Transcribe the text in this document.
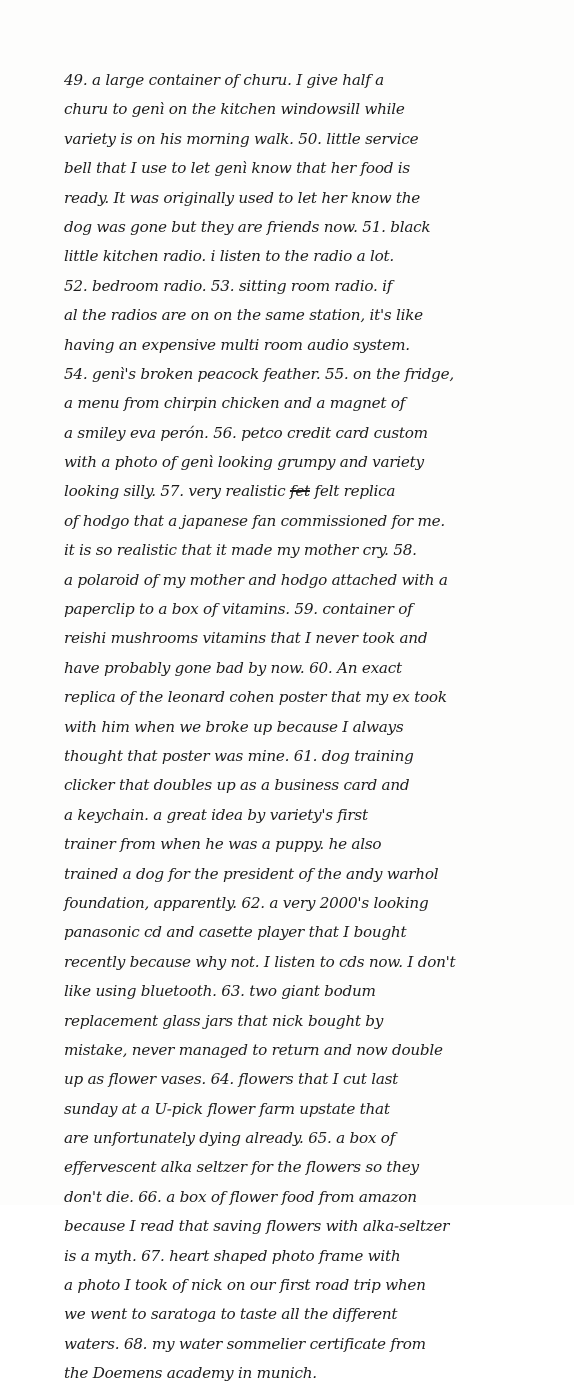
49. a large container of churu. I give half a
churu to genì on the kitchen windowsill while
variety is on his morning walk. 50. little service
bell that I use to let genì know that her food is
ready. It was originally used to let her know the
dog was gone but they are friends now. 51. black
little kitchen radio. i listen to the radio a lot.
52. bedroom radio. 53. sitting room radio. if
al the radios are on on the same station, it's like
having an expensive multi room audio system.
54. genì's broken peacock feather. 55. on the fridge,
a menu from chirpin chicken and a magnet of
a smiley eva perón. 56. petco credit card custom
with a photo of genì looking grumpy and variety
looking silly. 57. very realistic fet felt replica
of hodgo that a japanese fan commissioned for me.
it is so realistic that it made my mother cry. 58.
a polaroid of my mother and hodgo attached with a
paperclip to a box of vitamins. 59. container of
reishi mushrooms vitamins that I never took and
have probably gone bad by now. 60. An exact
replica of the leonard cohen poster that my ex took
with him when we broke up because I always
thought that poster was mine. 61. dog training
clicker that doubles up as a business card and
a keychain. a great idea by variety's first
trainer from when he was a puppy. he also
trained a dog for the president of the andy warhol
foundation, apparently. 62. a very 2000's looking
panasonic cd and casette player that I bought
recently because why not. I listen to cds now. I don't
like using bluetooth. 63. two giant bodum
replacement glass jars that nick bought by
mistake, never managed to return and now double
up as flower vases. 64. flowers that I cut last
sunday at a U-pick flower farm upstate that
are unfortunately dying already. 65. a box of
effervescent alka seltzer for the flowers so they
don't die. 66. a box of flower food from amazon
because I read that saving flowers with alka-seltzer
is a myth. 67. heart shaped photo frame with
a photo I took of nick on our first road trip when
we went to saratoga to taste all the different
waters. 68. my water sommelier certificate from
the Doemens academy in munich.
